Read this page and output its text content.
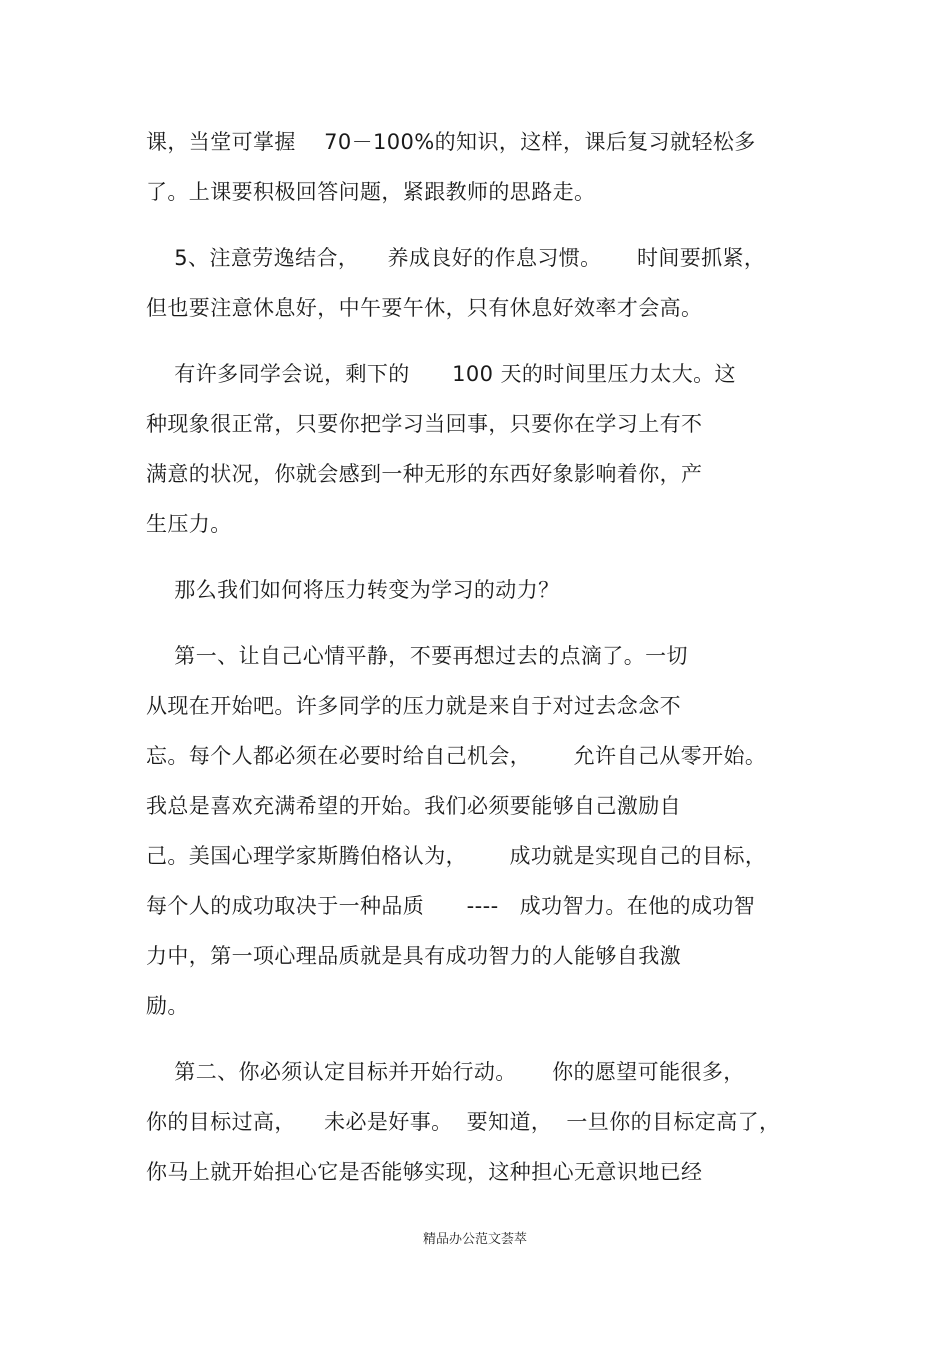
课，当堂可掌握    70－100%的知识，这样，课后复习就轻松多
了。上课要积极回答问题，紧跟教师的思路走。
5、注意劳逸结合，    养成良好的作息习惯。     时间要抓紧，
但也要注意休息好，中午要午休，只有休息好效率才会高。
有许多同学会说，剩下的      100 天的时间里压力太大。这
种现象很正常，只要你把学习当回事，只要你在学习上有不
满意的状况，你就会感到一种无形的东西好象影响着你，产
生压力。
那么我们如何将压力转变为学习的动力？
第一、让自己心情平静，不要再想过去的点滴了。一切
从现在开始吧。许多同学的压力就是来自于对过去念念不
忘。每个人都必须在必要时给自己机会，      允许自己从零开始。
我总是喜欢充满希望的开始。我们必须要能够自己激励自
己。美国心理学家斯腾伯格认为，      成功就是实现自己的目标，
每个人的成功取决于一种品质      ----   成功智力。在他的成功智
力中，第一项心理品质就是具有成功智力的人能够自我激
励。
第二、你必须认定目标并开始行动。     你的愿望可能很多，
你的目标过高，    未必是好事。  要知道，  一旦你的目标定高了，
你马上就开始担心它是否能够实现，这种担心无意识地已经
精品办公范文荟萃
